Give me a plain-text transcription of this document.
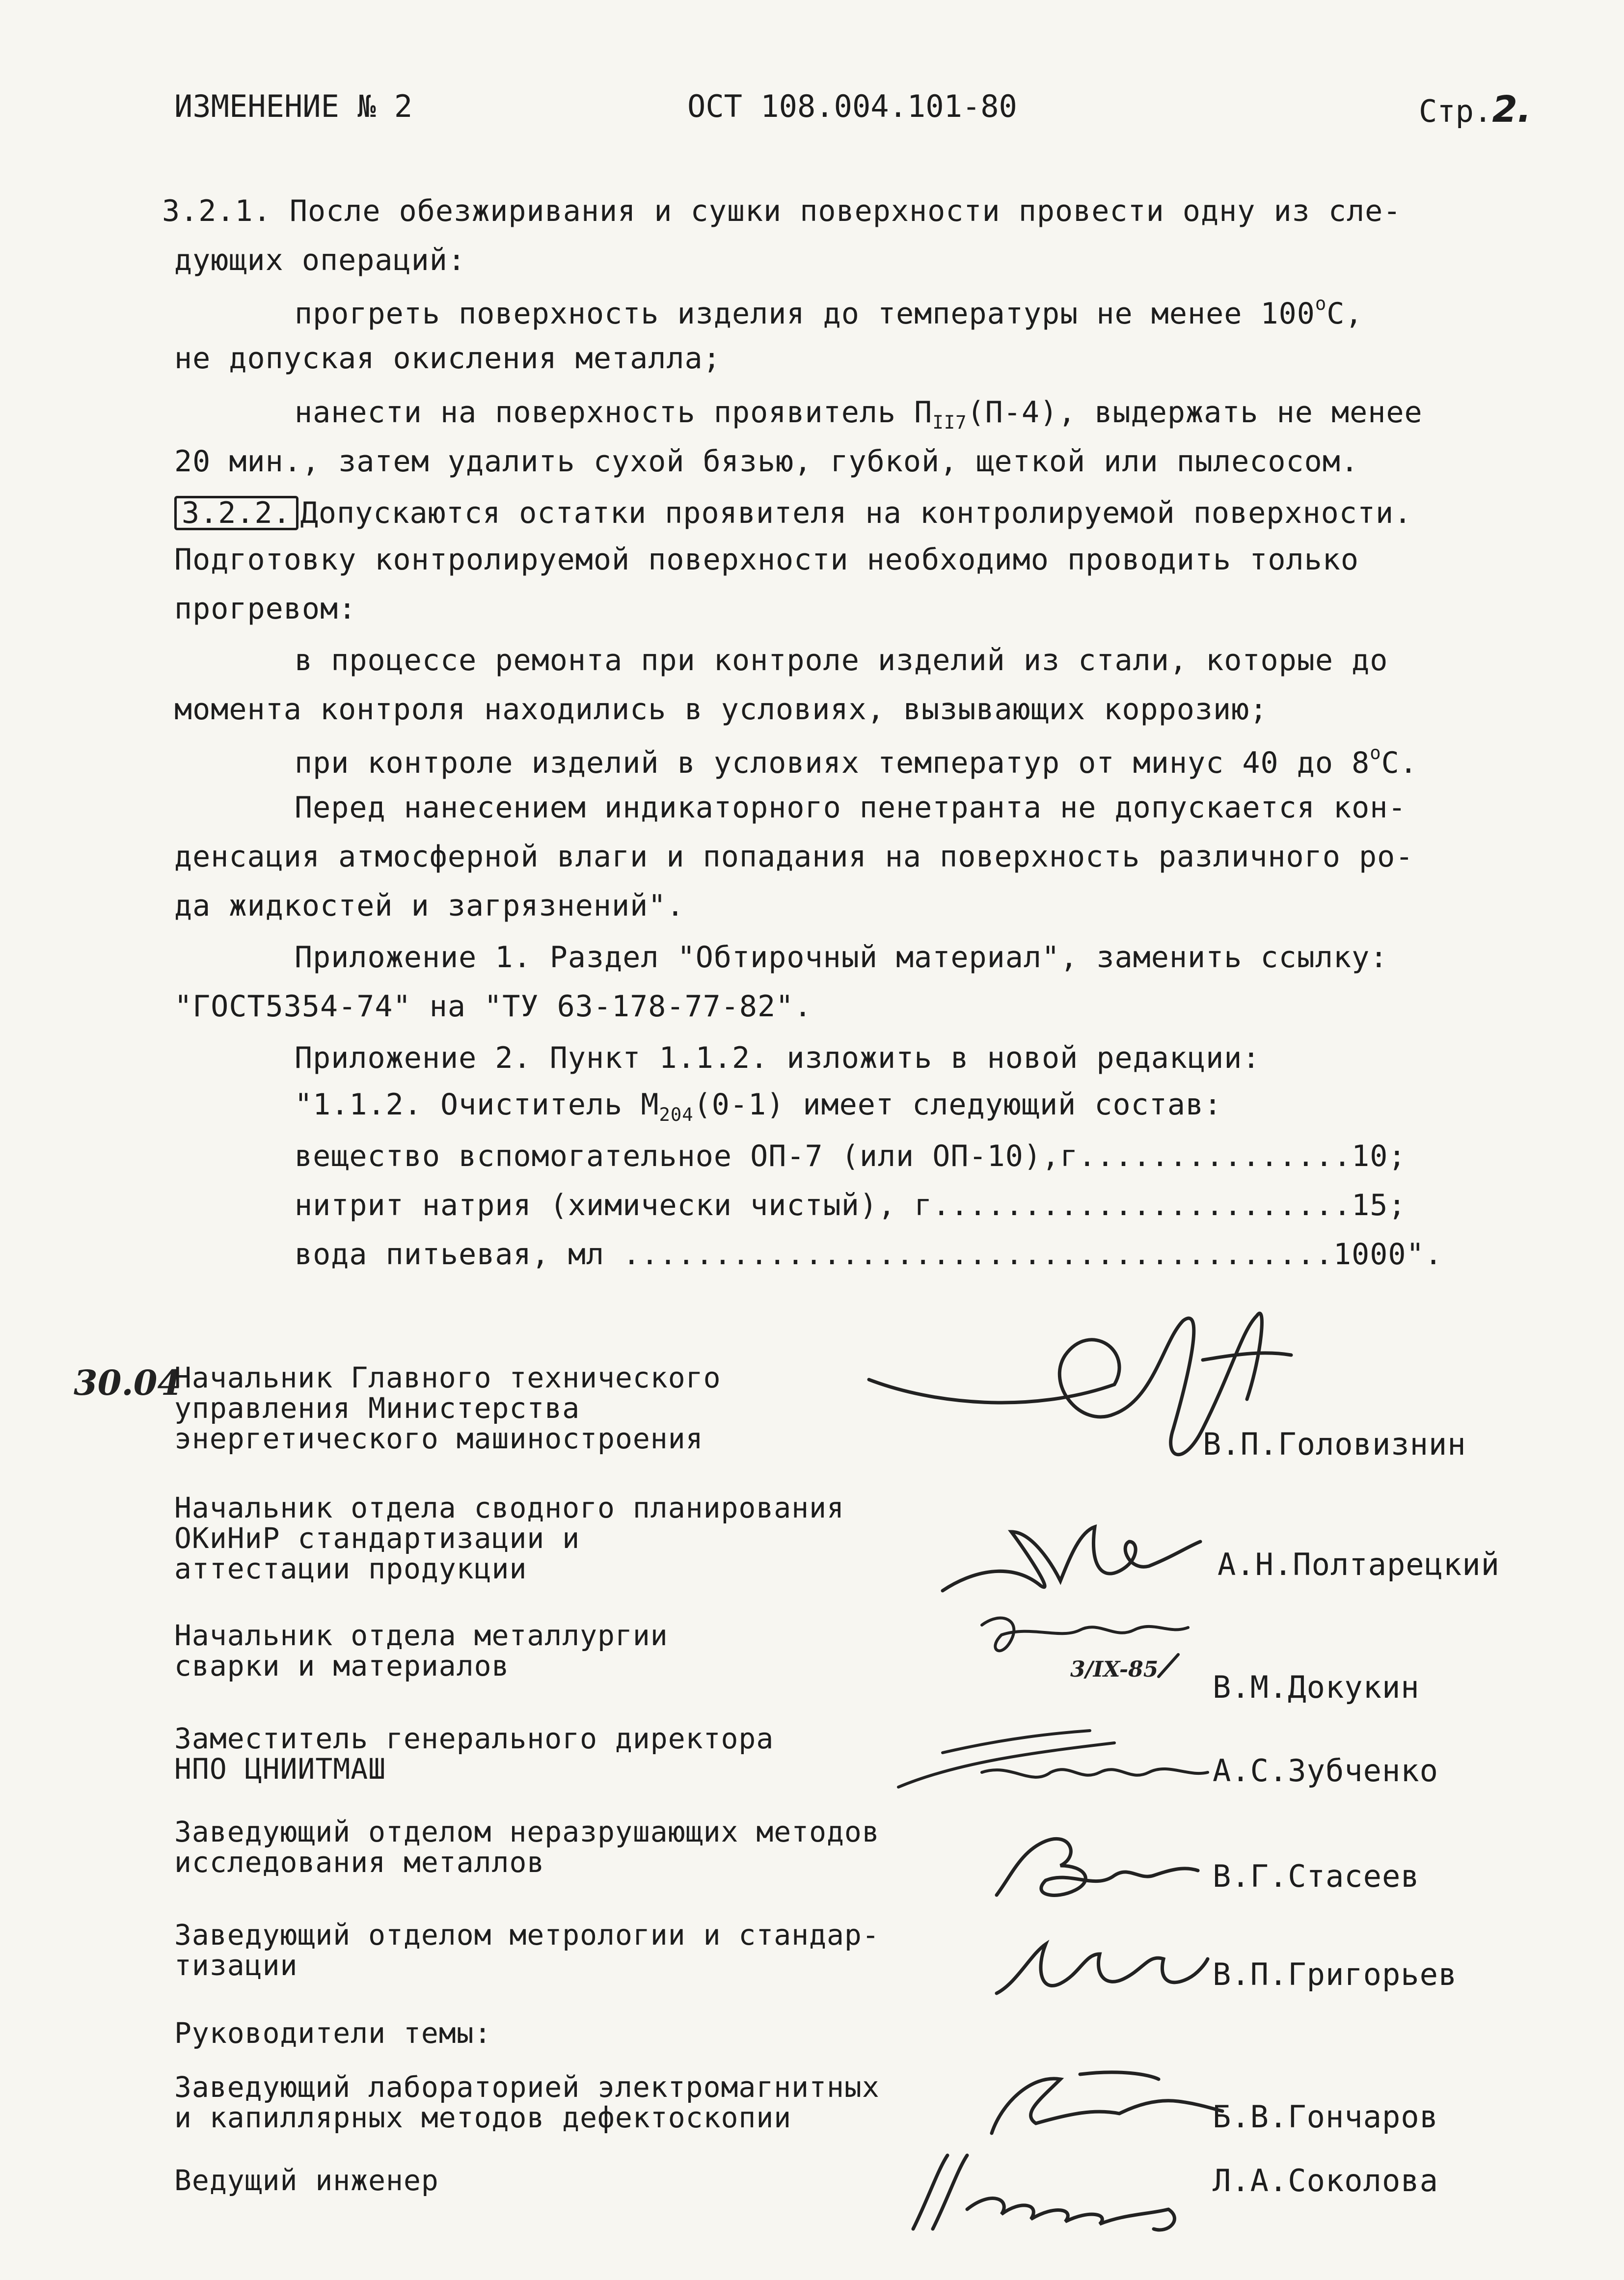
ИЗМЕНЕНИЕ № 2	ОСТ 108.004.101-80	Стр.2.
3.2.1. После обезжиривания и сушки поверхности провести одну из сле-
дующих операций:
прогреть поверхность изделия до температуры не менее $100^оС$,
не допуская окисления металла;
нанести на поверхность проявитель $П_{II7}(П-4)$, выдержать не менее
20 мин., затем удалить сухой бязью, губкой, щеткой или пылесосом.
3.2.2. Допускаются остатки проявителя на контролируемой поверхности.
Подготовку контролируемой поверхности необходимо проводить только
прогревом:
в процессе ремонта при контроле изделий из стали, которые до
момента контроля находились в условиях, вызывающих коррозию;
при контроле изделий в условиях температур от минус 40 до $8^оС$.
Перед нанесением индикаторного пенетранта не допускается кон-
денсация атмосферной влаги и попадания на поверхность различного ро-
да жидкостей и загрязнений".
Приложение 1. Раздел "Обтирочный материал", заменить ссылку:
"ГОСТ5354-74" на "ТУ 63-178-77-82".
Приложение 2. Пункт 1.1.2. изложить в новой редакции:
"1.1.2. Очиститель $М_{204}(0-1)$ имеет следующий состав:
вещество вспомогательное ОП-7 (или ОП-10),г...............10;
нитрит натрия (химически чистый), г.......................15;
вода питьевая, мл .......................................1000".
30.04
Начальник Главного технического
управления Министерства
энергетического машиностроения	В.П.Головизнин
Начальник отдела сводного планирования
ОКиНиР стандартизации и
аттестации продукции	А.Н.Полтарецкий
Начальник отдела металлургии
сварки и материалов
В.М.Докукин
3/IX-85
Заместитель генерального директора
НПО ЦНИИТМАШ	А.С.Зубченко
Заведующий отделом неразрушающих методов
исследования металлов	В.Г.Стасеев
Заведующий отделом метрологии и стандар-
тизации	В.П.Григорьев
Руководители темы:
Заведующий лабораторией электромагнитных
и капиллярных методов дефектоскопии	Б.В.Гончаров
Ведущий инженер	Л.А.Соколова
